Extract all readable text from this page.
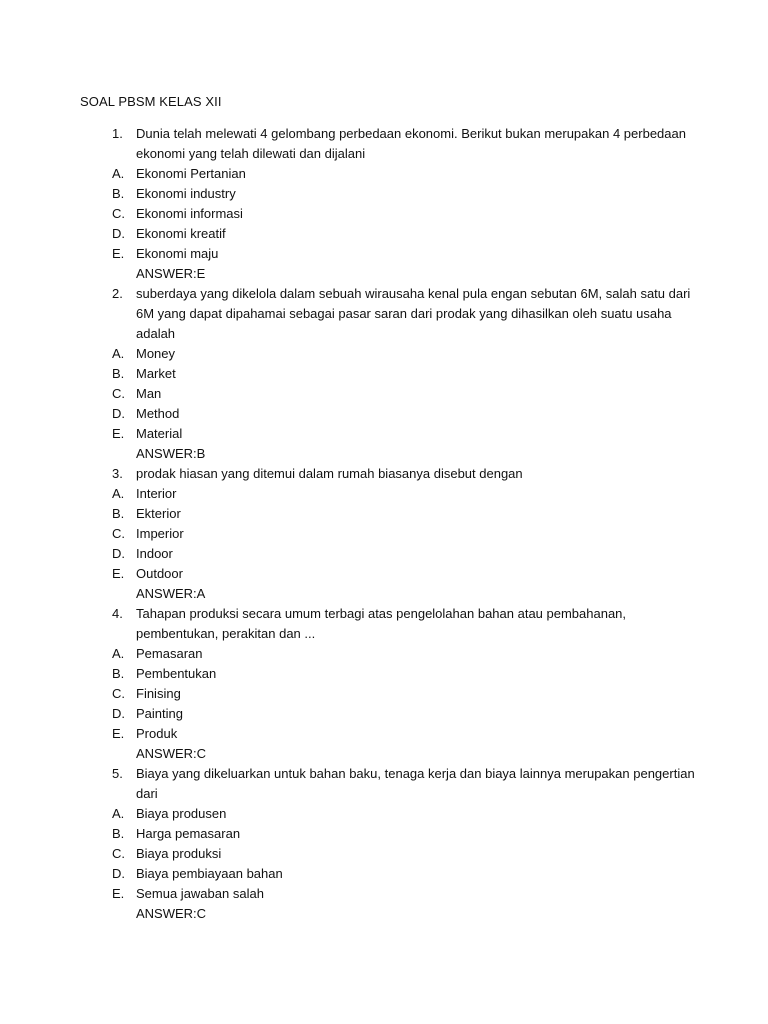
SOAL PBSM KELAS XII
1. Dunia telah melewati 4 gelombang perbedaan ekonomi. Berikut bukan merupakan 4 perbedaan
ekonomi yang telah dilewati dan dijalani
A. Ekonomi Pertanian
B. Ekonomi industry
C. Ekonomi informasi
D. Ekonomi kreatif
E. Ekonomi maju
ANSWER:E
2. suberdaya yang dikelola dalam sebuah wirausaha kenal pula engan sebutan 6M, salah satu dari
6M yang dapat dipahamai sebagai pasar saran dari prodak yang dihasilkan oleh suatu usaha
adalah
A. Money
B. Market
C. Man
D. Method
E. Material
ANSWER:B
3. prodak hiasan yang ditemui dalam rumah biasanya disebut dengan
A. Interior
B. Ekterior
C. Imperior
D. Indoor
E. Outdoor
ANSWER:A
4. Tahapan produksi secara umum terbagi atas pengelolahan bahan atau pembahanan,
pembentukan, perakitan dan ...
A. Pemasaran
B. Pembentukan
C. Finising
D. Painting
E. Produk
ANSWER:C
5. Biaya yang dikeluarkan untuk bahan baku, tenaga kerja dan biaya lainnya merupakan pengertian
dari
A. Biaya produsen
B. Harga pemasaran
C. Biaya produksi
D. Biaya pembiayaan bahan
E. Semua jawaban salah
ANSWER:C
